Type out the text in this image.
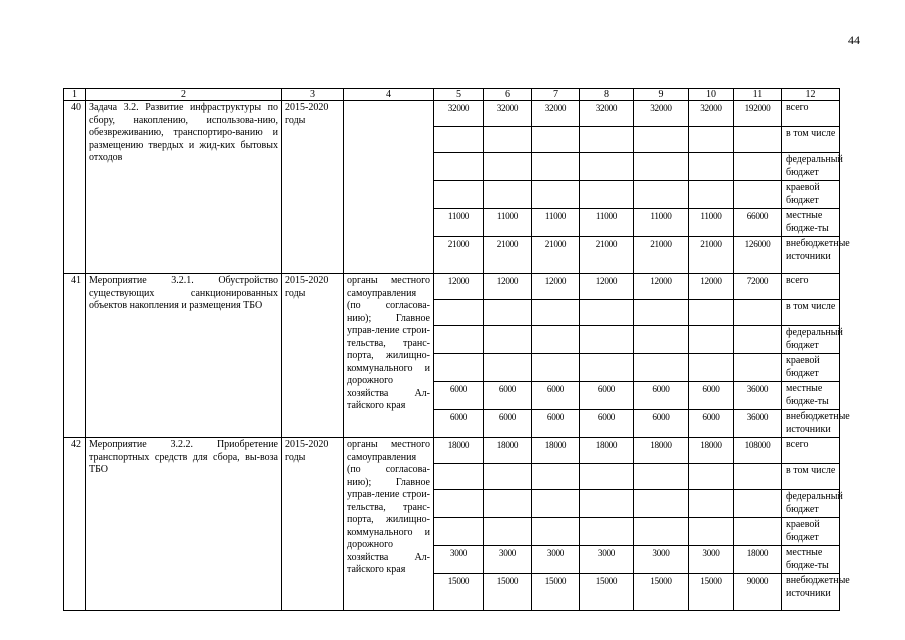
44
1	2	3	4	5	6	7	8	9	10	11	12
40	Задача 3.2. Развитие инфраструктуры по сбору, накоплению, использова-нию, обезвреживанию, транспортиро-ванию и размещению твердых и жид-ких бытовых отходов	2015-2020 годы		32000	32000	32000	32000	32000	32000	192000	всего
											в том числе
											федеральный бюджет
											краевой бюджет
				11000	11000	11000	11000	11000	11000	66000	местные бюдже-ты
				21000	21000	21000	21000	21000	21000	126000	внебюджетные источники
41	Мероприятие 3.2.1. Обустройство существующих санкционированных объектов накопления и размещения ТБО	2015-2020 годы	органы местного самоуправления (по согласова-нию); Главное управ-ление строи-тельства, транс-порта, жилищно-коммунального и дорожного хозяйства Ал-тайского края	12000	12000	12000	12000	12000	12000	72000	всего
											в том числе
											федеральный бюджет
											краевой бюджет
				6000	6000	6000	6000	6000	6000	36000	местные бюдже-ты
				6000	6000	6000	6000	6000	6000	36000	внебюджетные источники
42	Мероприятие 3.2.2. Приобретение транспортных средств для сбора, вы-воза ТБО	2015-2020 годы	органы местного самоуправления (по согласова-нию); Главное управ-ление строи-тельства, транс-порта, жилищно-коммунального и дорожного хозяйства Ал-тайского края	18000	18000	18000	18000	18000	18000	108000	всего
											в том числе
											федеральный бюджет
											краевой бюджет
				3000	3000	3000	3000	3000	3000	18000	местные бюдже-ты
				15000	15000	15000	15000	15000	15000	90000	внебюджетные источники
